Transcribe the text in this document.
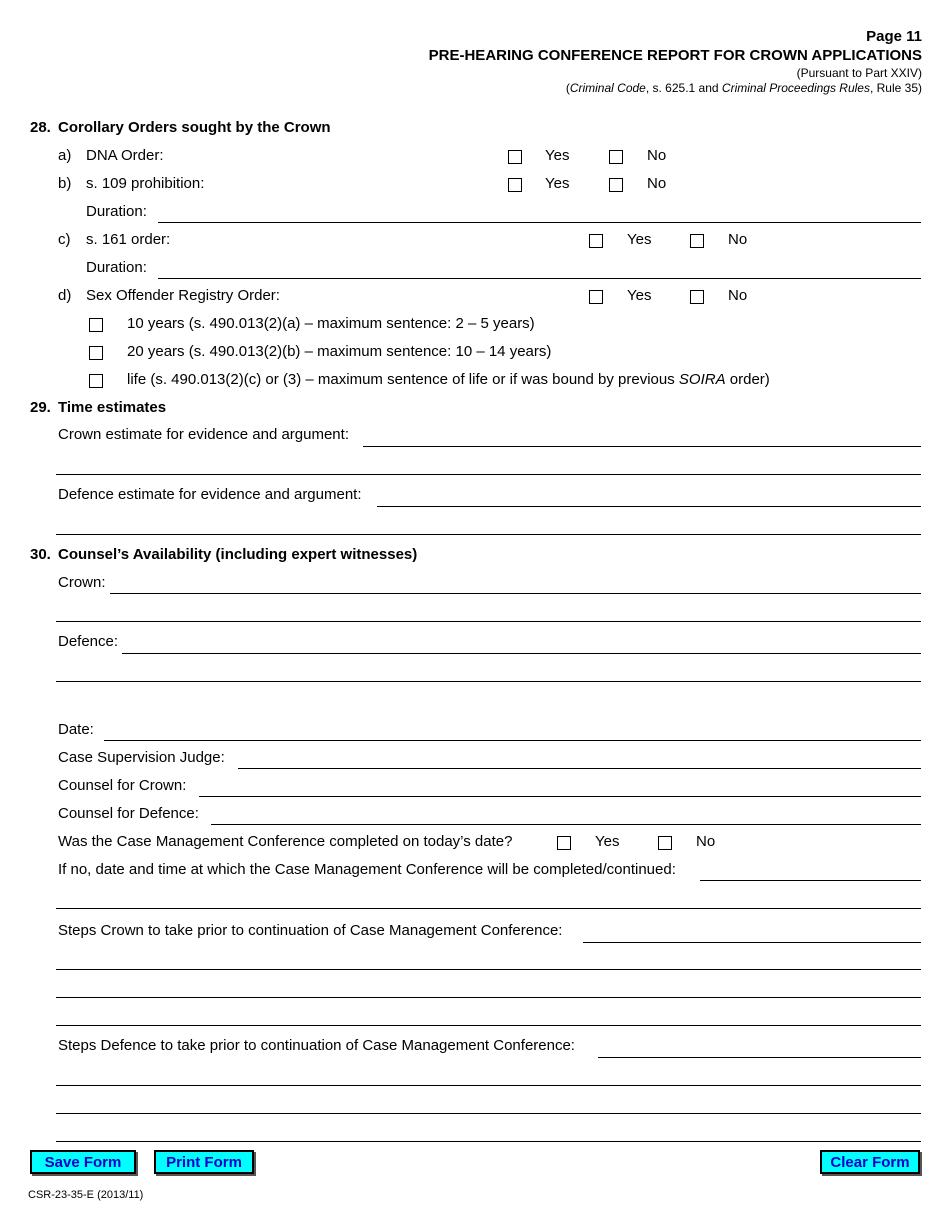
Page 11
PRE-HEARING CONFERENCE REPORT FOR CROWN APPLICATIONS
(Pursuant to Part XXIV)
(Criminal Code, s. 625.1 and Criminal Proceedings Rules, Rule 35)
28. Corollary Orders sought by the Crown
a) DNA Order:	Yes	No
b) s. 109 prohibition:	Yes	No
Duration:
c) s. 161 order:	Yes	No
Duration:
d) Sex Offender Registry Order:	Yes	No
10 years (s. 490.013(2)(a) – maximum sentence: 2 – 5 years)
20 years (s. 490.013(2)(b) – maximum sentence: 10 – 14 years)
life (s. 490.013(2)(c) or (3) – maximum sentence of life or if was bound by previous SOIRA order)
29. Time estimates
Crown estimate for evidence and argument:
Defence estimate for evidence and argument:
30. Counsel’s Availability (including expert witnesses)
Crown:
Defence:
Date:
Case Supervision Judge:
Counsel for Crown:
Counsel for Defence:
Was the Case Management Conference completed on today’s date?	Yes	No
If no, date and time at which the Case Management Conference will be completed/continued:
Steps Crown to take prior to continuation of Case Management Conference:
Steps Defence to take prior to continuation of Case Management Conference:
Save Form	Print Form	Clear Form
CSR-23-35-E (2013/11)
